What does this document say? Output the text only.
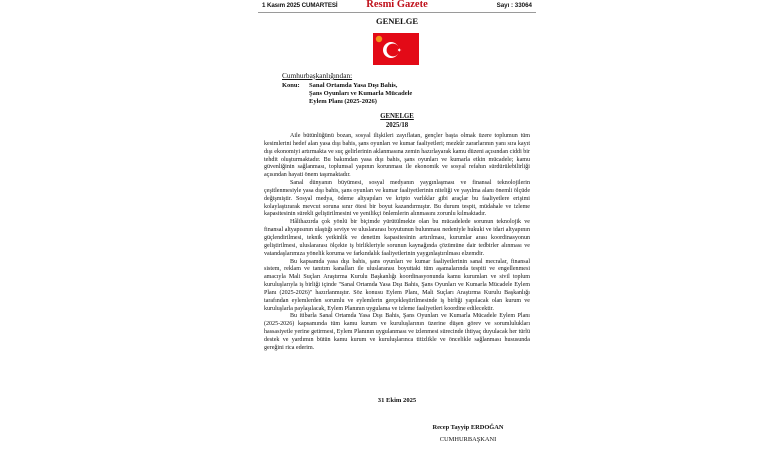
1 Kasım 2025 CUMARTESİ	Resmi Gazete	Sayı : 33064
GENELGE
Cumhurbaşkanlığından:
Konu: Sanal Ortamda Yasa Dışı Bahis,
Şans Oyunları ve Kumarla Mücadele
Eylem Planı (2025-2026)
GENELGE
2025/18

Aile bütünlüğünü bozan, sosyal ilişkileri zayıflatan, gençler başta olmak üzere toplumun tüm kesimlerini hedef alan yasa dışı bahis, şans oyunları ve kumar faaliyetleri; mezkûr zararlarının yanı sıra kayıt dışı ekonomiyi artırmakta ve suç gelirlerinin aklanmasına zemin hazırlayarak kamu düzeni açısından ciddi bir tehdit oluşturmaktadır. Bu bakımdan yasa dışı bahis, şans oyunları ve kumarla etkin mücadele; kamu güvenliğinin sağlanması, toplumsal yapının korunması ile ekonomik ve sosyal refahın sürdürülebilirliği açısından hayati önem taşımaktadır.

Sanal dünyanın büyümesi, sosyal medyanın yaygınlaşması ve finansal teknolojilerin çeşitlenmesiyle yasa dışı bahis, şans oyunları ve kumar faaliyetlerinin niteliği ve yayılma alanı önemli ölçüde değişmiştir. Sosyal medya, ödeme altyapıları ve kripto varlıklar gibi araçlar bu faaliyetlere erişimi kolaylaştırarak mevcut soruna sınır ötesi bir boyut kazandırmıştır. Bu durum tespit, müdahale ve izleme kapasitesinin sürekli geliştirilmesini ve yenilikçi önlemlerin alınmasını zorunlu kılmaktadır.

Hâlihazırda çok yönlü bir biçimde yürütülmekte olan bu mücadelede sorunun teknolojik ve finansal altyapısının ulaştığı seviye ve uluslararası boyutunun bulunması nedeniyle hukuki ve idari altyapının güçlendirilmesi, teknik yetkinlik ve denetim kapasitesinin artırılması, kurumlar arası koordinasyonun geliştirilmesi, uluslararası ölçekte iş birlikleriyle sorunun kaynağında çözümüne dair tedbirler alınması ve vatandaşlarımıza yönelik koruma ve farkındalık faaliyetlerinin yaygınlaştırılması elzemdir.

Bu kapsamda yasa dışı bahis, şans oyunları ve kumar faaliyetlerinin sanal mecralar, finansal sistem, reklam ve tanıtım kanalları ile uluslararası boyuttaki tüm aşamalarında tespiti ve engellenmesi amacıyla Mali Suçları Araştırma Kurulu Başkanlığı koordinasyonunda kamu kurumları ve sivil toplum kuruluşlarıyla iş birliği içinde "Sanal Ortamda Yasa Dışı Bahis, Şans Oyunları ve Kumarla Mücadele Eylem Planı (2025-2026)" hazırlanmıştır. Söz konusu Eylem Planı, Mali Suçları Araştırma Kurulu Başkanlığı tarafından eylemlerden sorumlu ve eylemlerin gerçekleştirilmesinde iş birliği yapılacak olan kurum ve kuruluşlarla paylaşılacak, Eylem Planının uygulama ve izleme faaliyetleri koordine edilecektir.

Bu itibarla Sanal Ortamda Yasa Dışı Bahis, Şans Oyunları ve Kumarla Mücadele Eylem Planı (2025-2026) kapsamında tüm kamu kurum ve kuruluşlarının üzerine düşen görev ve sorumlulukları hassasiyetle yerine getirmesi, Eylem Planının uygulanması ve izlenmesi sürecinde ihtiyaç duyulacak her türlü destek ve yardımın bütün kamu kurum ve kuruluşlarınca titizlikle ve öncelikle sağlanması hususunda gereğini rica ederim.

31 Ekim 2025
Recep Tayyip ERDOĞAN
CUMHURBAŞKANI
